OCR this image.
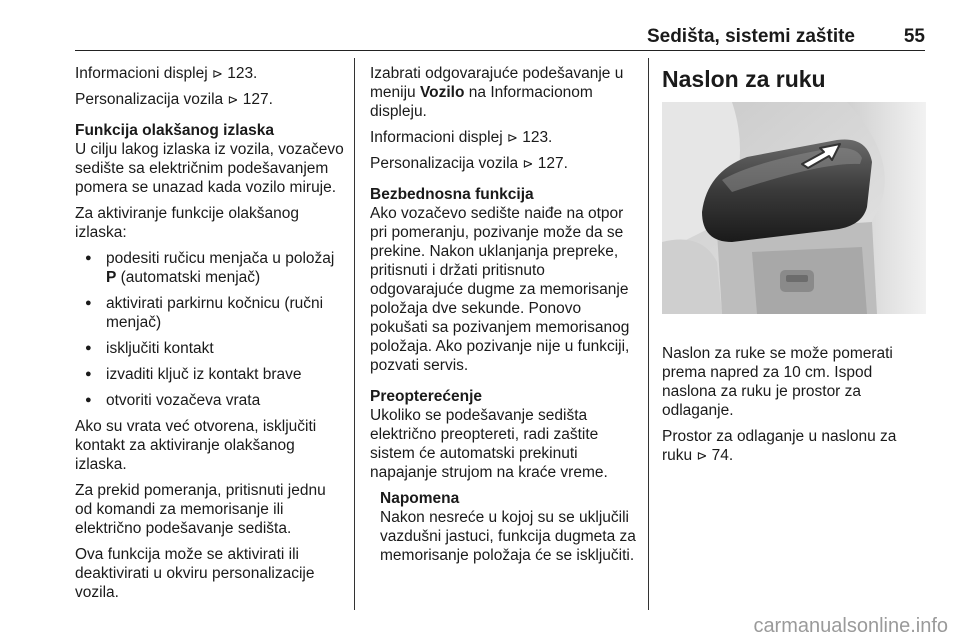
Sedišta, sistemi zaštite	55

Informacioni displej ⊳ 123.

Personalizacija vozila ⊳ 127.

Funkcija olakšanog izlaska
U cilju lakog izlaska iz vozila, vozačevo sedište sa električnim podešavanjem pomera se unazad kada vozilo miruje.

Za aktiviranje funkcije olakšanog izlaska:

● podesiti ručicu menjača u položaj P (automatski menjač)
● aktivirati parkirnu kočnicu (ručni menjač)
● isključiti kontakt
● izvaditi ključ iz kontakt brave
● otvoriti vozačeva vrata

Ako su vrata već otvorena, isključiti kontakt za aktiviranje olakšanog izlaska.

Za prekid pomeranja, pritisnuti jednu od komandi za memorisanje ili električno podešavanje sedišta.

Ova funkcija može se aktivirati ili deaktivirati u okviru personalizacije vozila.

Izabrati odgovarajuće podešavanje u meniju Vozilo na Informacionom displeju.

Informacioni displej ⊳ 123.

Personalizacija vozila ⊳ 127.

Bezbednosna funkcija
Ako vozačevo sedište naiđe na otpor pri pomeranju, pozivanje može da se prekine. Nakon uklanjanja prepreke, pritisnuti i držati pritisnuto odgovarajuće dugme za memorisanje položaja dve sekunde. Ponovo pokušati sa pozivanjem memorisanog položaja. Ako pozivanje nije u funkciji, pozvati servis.

Preopterećenje
Ukoliko se podešavanje sedišta električno preoptereti, radi zaštite sistem će automatski prekinuti napajanje strujom na kraće vreme.

Napomena
Nakon nesreće u kojoj su se uključili vazdušni jastuci, funkcija dugmeta za memorisanje položaja će se isključiti.

Naslon za ruku

Naslon za ruke se može pomerati prema napred za 10 cm. Ispod naslona za ruku je prostor za odlaganje.

Prostor za odlaganje u naslonu za ruku ⊳ 74.

carmanualsonline.info
